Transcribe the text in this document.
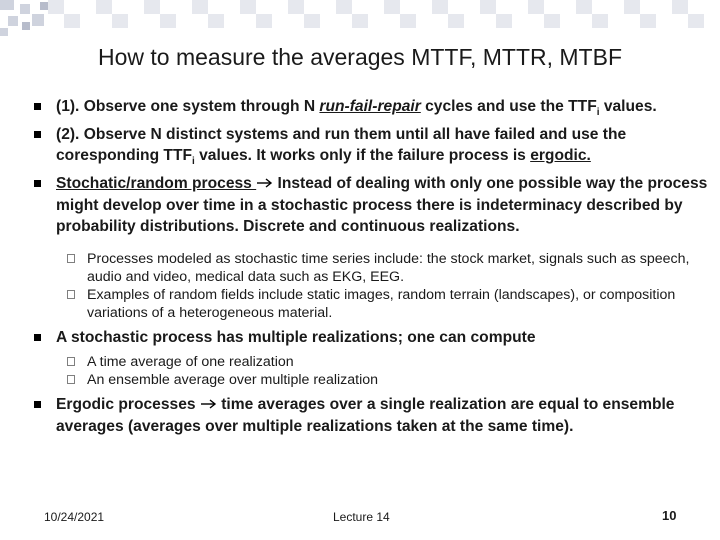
How to measure the averages MTTF, MTTR, MTBF
(1). Observe one system through N run-fail-repair cycles and use the $TTF_i$ values.
(2). Observe N distinct systems and run them until all have failed and use the coresponding $TTF_i$ values. It works only if the failure process is ergodic.
Stochatic/random process  Instead of dealing with only one possible way the process might develop over time in a stochastic process there is indeterminacy described by probability distributions. Discrete and continuous realizations.
Processes modeled as stochastic time series include: the stock market, signals such as speech, audio and video, medical data such as EKG, EEG.
Examples of random fields include static images, random terrain (landscapes), or composition variations of a heterogeneous material.
A stochastic process has multiple realizations; one can compute
A time average of one realization
An ensemble average over multiple realization
Ergodic processes  time averages over a single realization are equal to ensemble averages (averages over multiple realizations taken at the same time).
10/24/2021	Lecture 14	10
